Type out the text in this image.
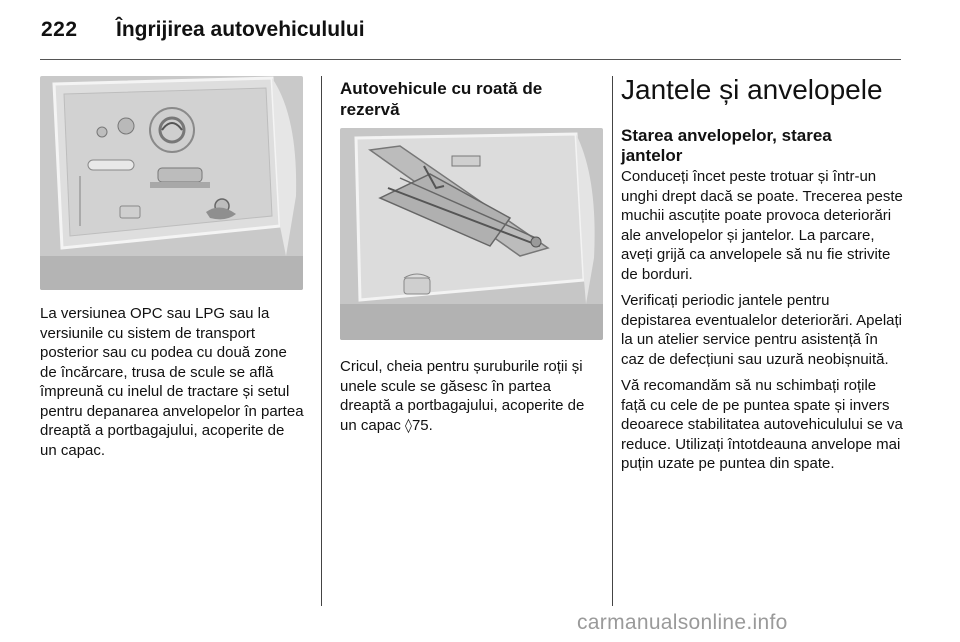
222 Îngrijirea autovehiculului
La versiunea OPC sau LPG sau la versiunile cu sistem de transport posterior sau cu podea cu două zone de încărcare, trusa de scule se află împreună cu inelul de tractare și setul pentru depanarea anvelopelor în partea dreaptă a portbagajului, acoperite de un capac.
Autovehicule cu roată de rezervă
Cricul, cheia pentru șuruburile roții și unele scule se găsesc în partea dreaptă a portbagajului, acoperite de un capac ◊75.
Jantele și anvelopele
Starea anvelopelor, starea jantelor

Conduceți încet peste trotuar și într-un unghi drept dacă se poate. Trecerea peste muchii ascuțite poate provoca deteriorări ale anvelopelor și jantelor. La parcare, aveți grijă ca anvelopele să nu fie strivite de borduri.

Verificați periodic jantele pentru depistarea eventualelor deteriorări. Apelați la un atelier service pentru asistență în caz de defecțiuni sau uzură neobișnuită.

Vă recomandăm să nu schimbați roțile față cu cele de pe puntea spate și invers deoarece stabilitatea autovehiculului se va reduce. Utilizați întotdeauna anvelope mai puțin uzate pe puntea din spate.

carmanualsonline.info
